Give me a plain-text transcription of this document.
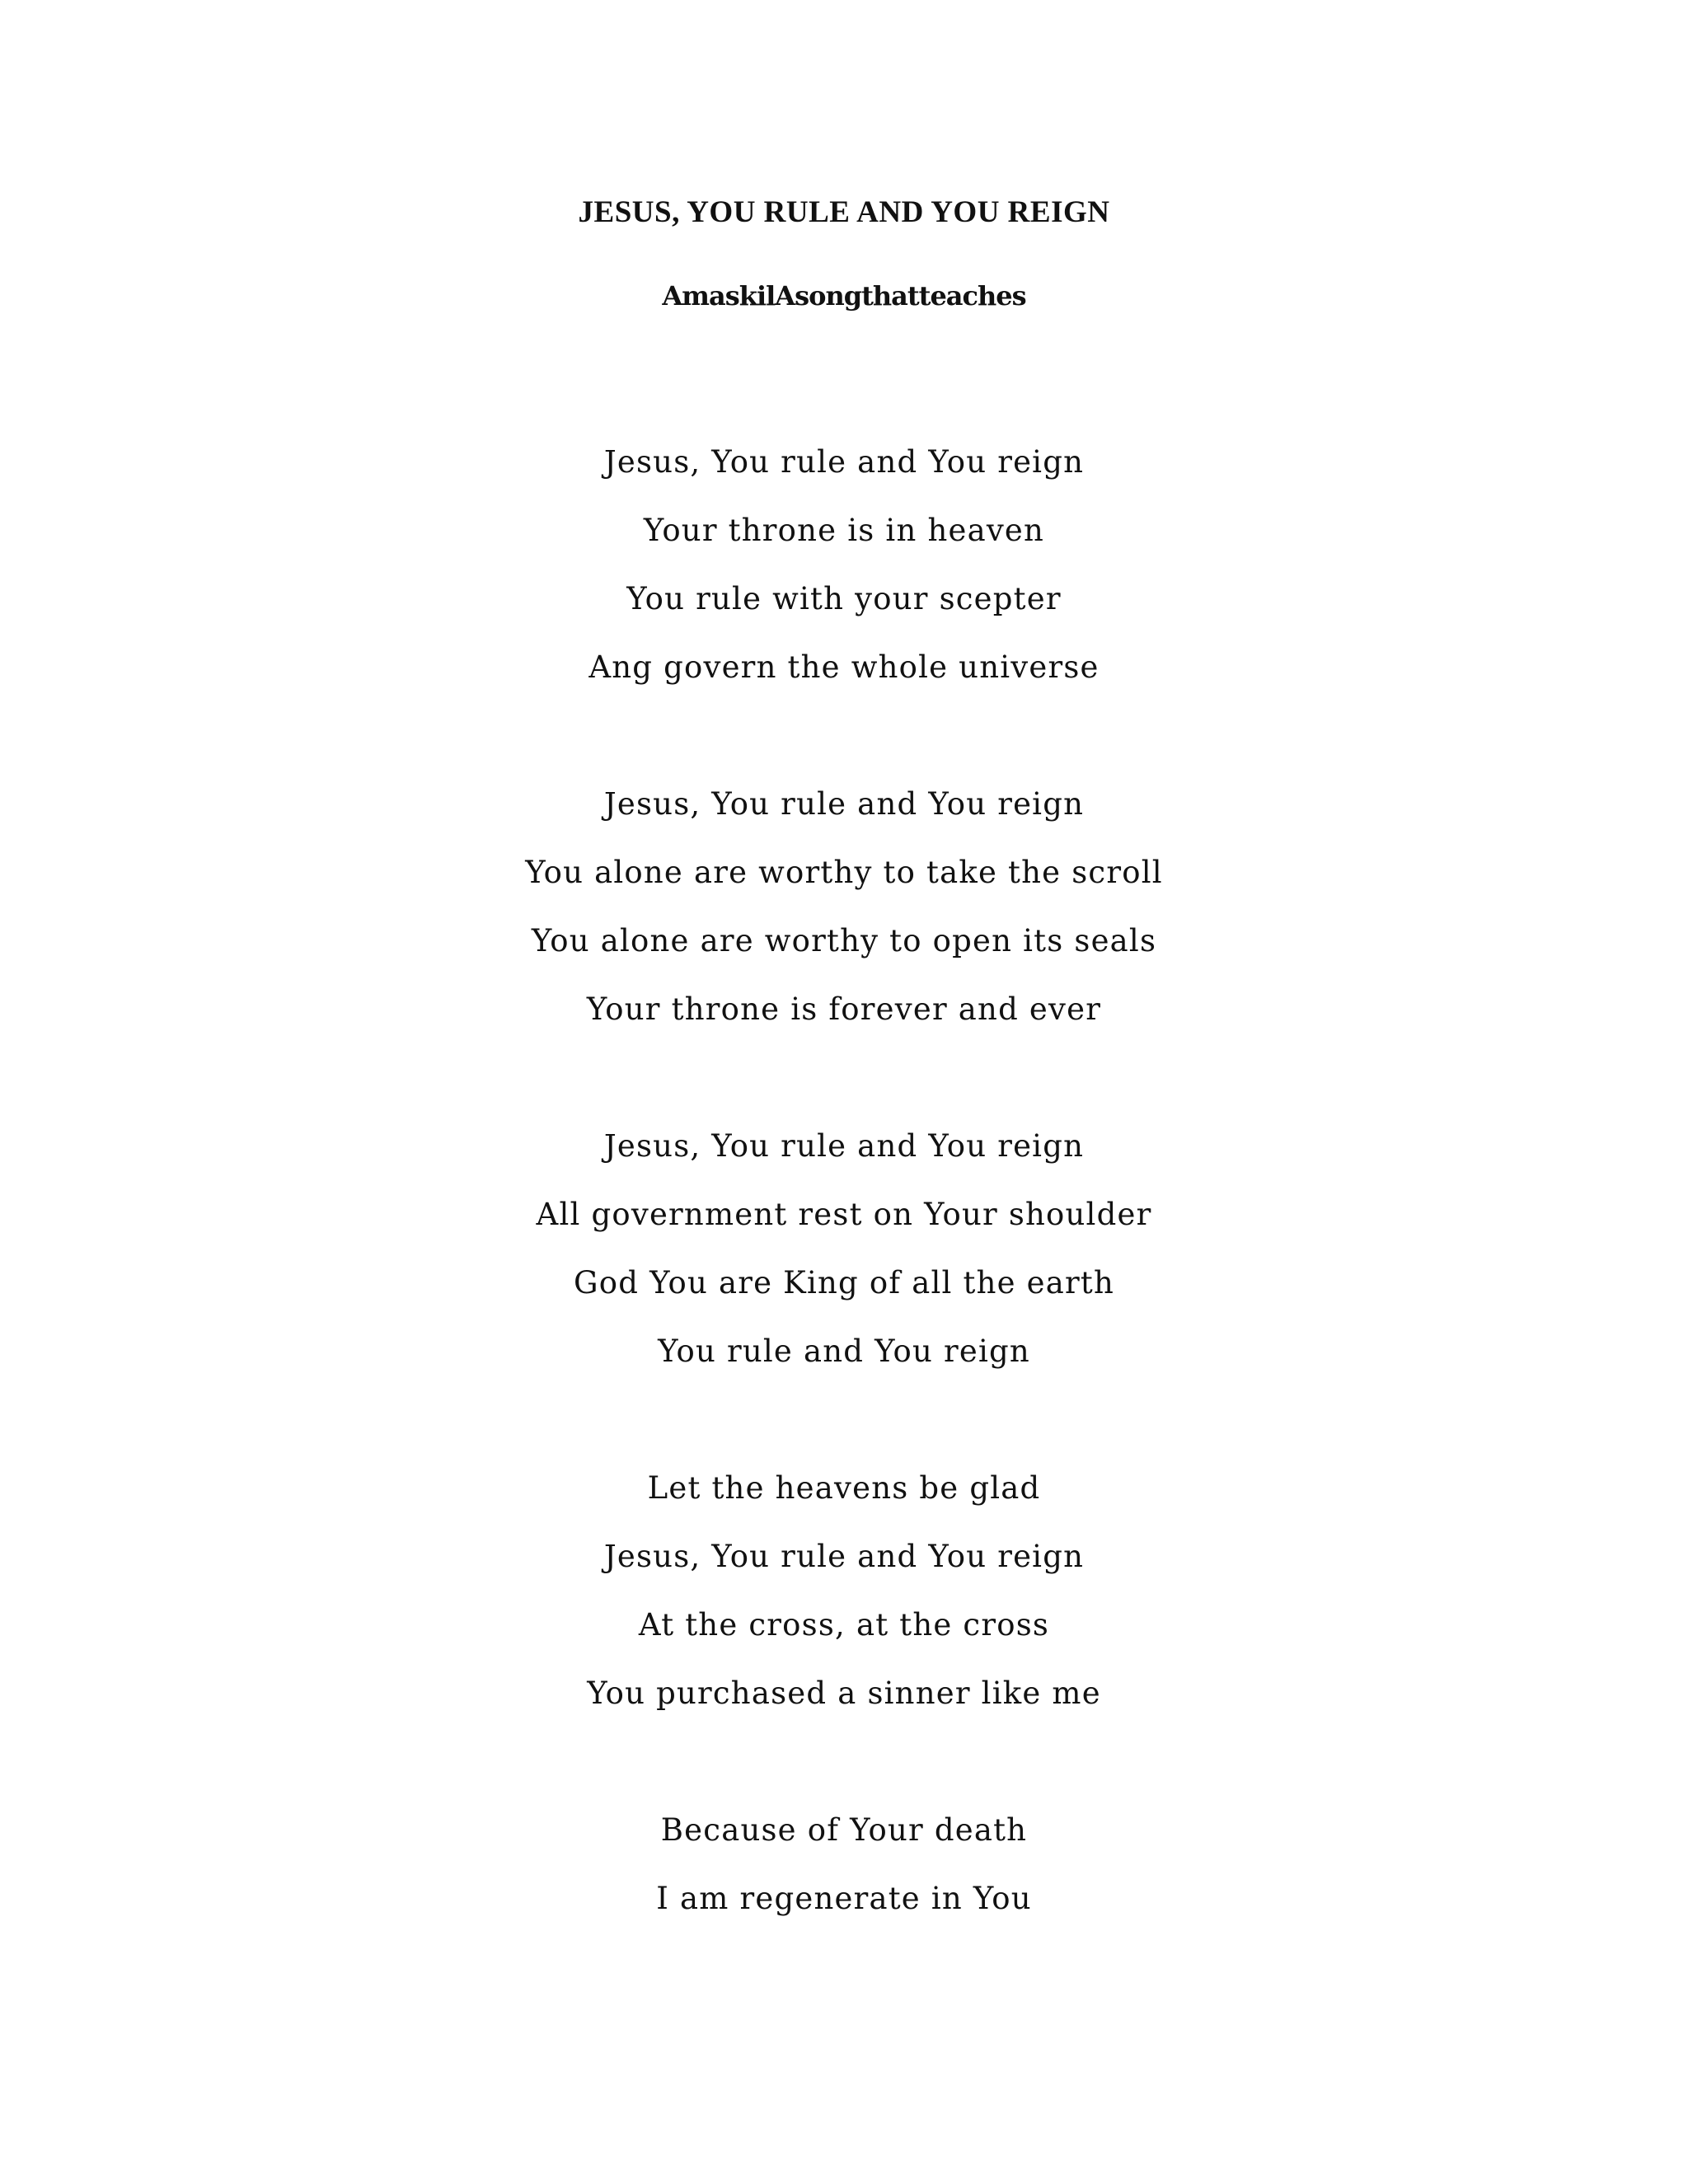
JESUS, YOU RULE AND YOU REIGN

AmaskilAsongthatteaches

Jesus, You rule and You reign
Your throne is in heaven
You rule with your scepter
Ang govern the whole universe
Jesus, You rule and You reign
You alone are worthy to take the scroll
You alone are worthy to open its seals
Your throne is forever and ever
Jesus, You rule and You reign
All government rest on Your shoulder
God You are King of all the earth
You rule and You reign
Let the heavens be glad
Jesus, You rule and You reign
At the cross, at the cross
You purchased a sinner like me
Because of Your death
I am regenerate in You
